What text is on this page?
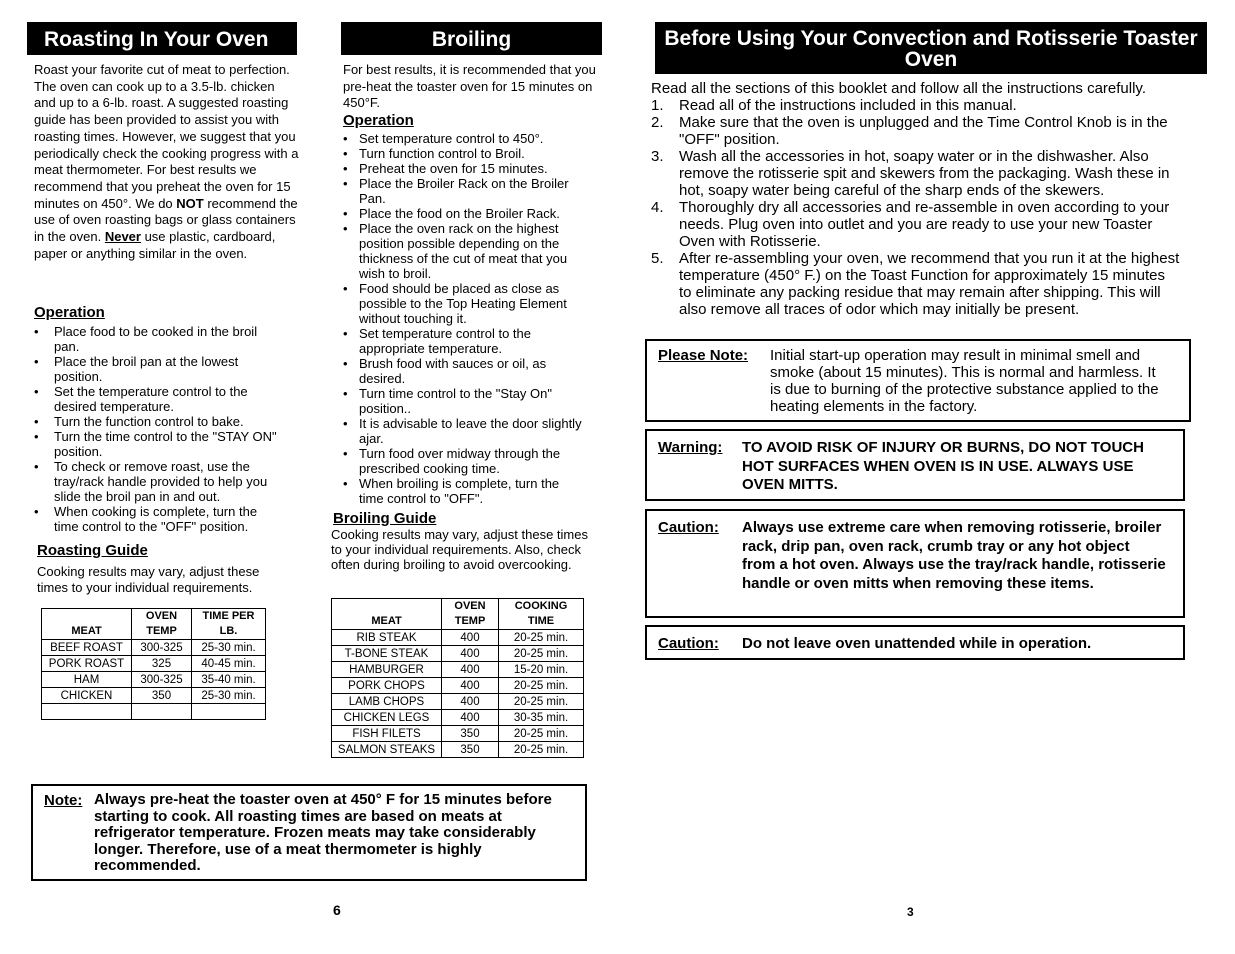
Roasting In Your Oven
Roast your favorite cut of meat to perfection. The oven can cook up to a 3.5-lb. chicken and up to a 6-lb. roast. A suggested roasting guide has been provided to assist you with roasting times. However, we suggest that you periodically check the cooking progress with a meat thermometer. For best results we recommend that you preheat the oven for 15 minutes on 450°. We do NOT recommend the use of oven roasting bags or glass containers in the oven. Never use plastic, cardboard, paper or anything similar in the oven.
Operation
• Place food to be cooked in the broil pan.
• Place the broil pan at the lowest position.
• Set the temperature control to the desired temperature.
• Turn the function control to bake.
• Turn the time control to the "STAY ON" position.
• To check or remove roast, use the tray/rack handle provided to help you slide the broil pan in and out.
• When cooking is complete, turn the time control to the "OFF" position.
Roasting Guide
Cooking results may vary, adjust these times to your individual requirements.
MEAT	OVEN TEMP	TIME PER LB.
BEEF ROAST	300-325	25-30 min.
PORK ROAST	325	40-45 min.
HAM	300-325	35-40 min.
CHICKEN	350	25-30 min.

Broiling
For best results, it is recommended that you pre-heat the toaster oven for 15 minutes on 450°F.
Operation
• Set temperature control to 450°.
• Turn function control to Broil.
• Preheat the oven for 15 minutes.
• Place the Broiler Rack on the Broiler Pan.
• Place the food on the Broiler Rack.
• Place the oven rack on the highest position possible depending on the thickness of the cut of meat that you wish to broil.
• Food should be placed as close as possible to the Top Heating Element without touching it.
• Set temperature control to the appropriate temperature.
• Brush food with sauces or oil, as desired.
• Turn time control to the "Stay On" position..
• It is advisable to leave the door slightly ajar.
• Turn food over midway through the prescribed cooking time.
• When broiling is complete, turn the time control to "OFF".
Broiling Guide
Cooking results may vary, adjust these times to your individual requirements. Also, check often during broiling to avoid overcooking.
MEAT	OVEN TEMP	COOKING TIME
RIB STEAK	400	20-25 min.
T-BONE STEAK	400	20-25 min.
HAMBURGER	400	15-20 min.
PORK CHOPS	400	20-25 min.
LAMB CHOPS	400	20-25 min.
CHICKEN LEGS	400	30-35 min.
FISH FILETS	350	20-25 min.
SALMON STEAKS	350	20-25 min.
Note: Always pre-heat the toaster oven at 450° F for 15 minutes before starting to cook. All roasting times are based on meats at refrigerator temperature. Frozen meats may take considerably longer. Therefore, use of a meat thermometer is highly recommended.
6
Before Using Your Convection and Rotisserie Toaster Oven
Read all the sections of this booklet and follow all the instructions carefully.
1. Read all of the instructions included in this manual.
2. Make sure that the oven is unplugged and the Time Control Knob is in the "OFF" position.
3. Wash all the accessories in hot, soapy water or in the dishwasher. Also remove the rotisserie spit and skewers from the packaging. Wash these in hot, soapy water being careful of the sharp ends of the skewers.
4. Thoroughly dry all accessories and re-assemble in oven according to your needs. Plug oven into outlet and you are ready to use your new Toaster Oven with Rotisserie.
5. After re-assembling your oven, we recommend that you run it at the highest temperature (450° F.) on the Toast Function for approximately 15 minutes to eliminate any packing residue that may remain after shipping. This will also remove all traces of odor which may initially be present.
Please Note: Initial start-up operation may result in minimal smell and smoke (about 15 minutes). This is normal and harmless. It is due to burning of the protective substance applied to the heating elements in the factory.
Warning: TO AVOID RISK OF INJURY OR BURNS, DO NOT TOUCH HOT SURFACES WHEN OVEN IS IN USE. ALWAYS USE OVEN MITTS.
Caution: Always use extreme care when removing rotisserie, broiler rack, drip pan, oven rack, crumb tray or any hot object from a hot oven. Always use the tray/rack handle, rotisserie handle or oven mitts when removing these items.
Caution: Do not leave oven unattended while in operation.
3
